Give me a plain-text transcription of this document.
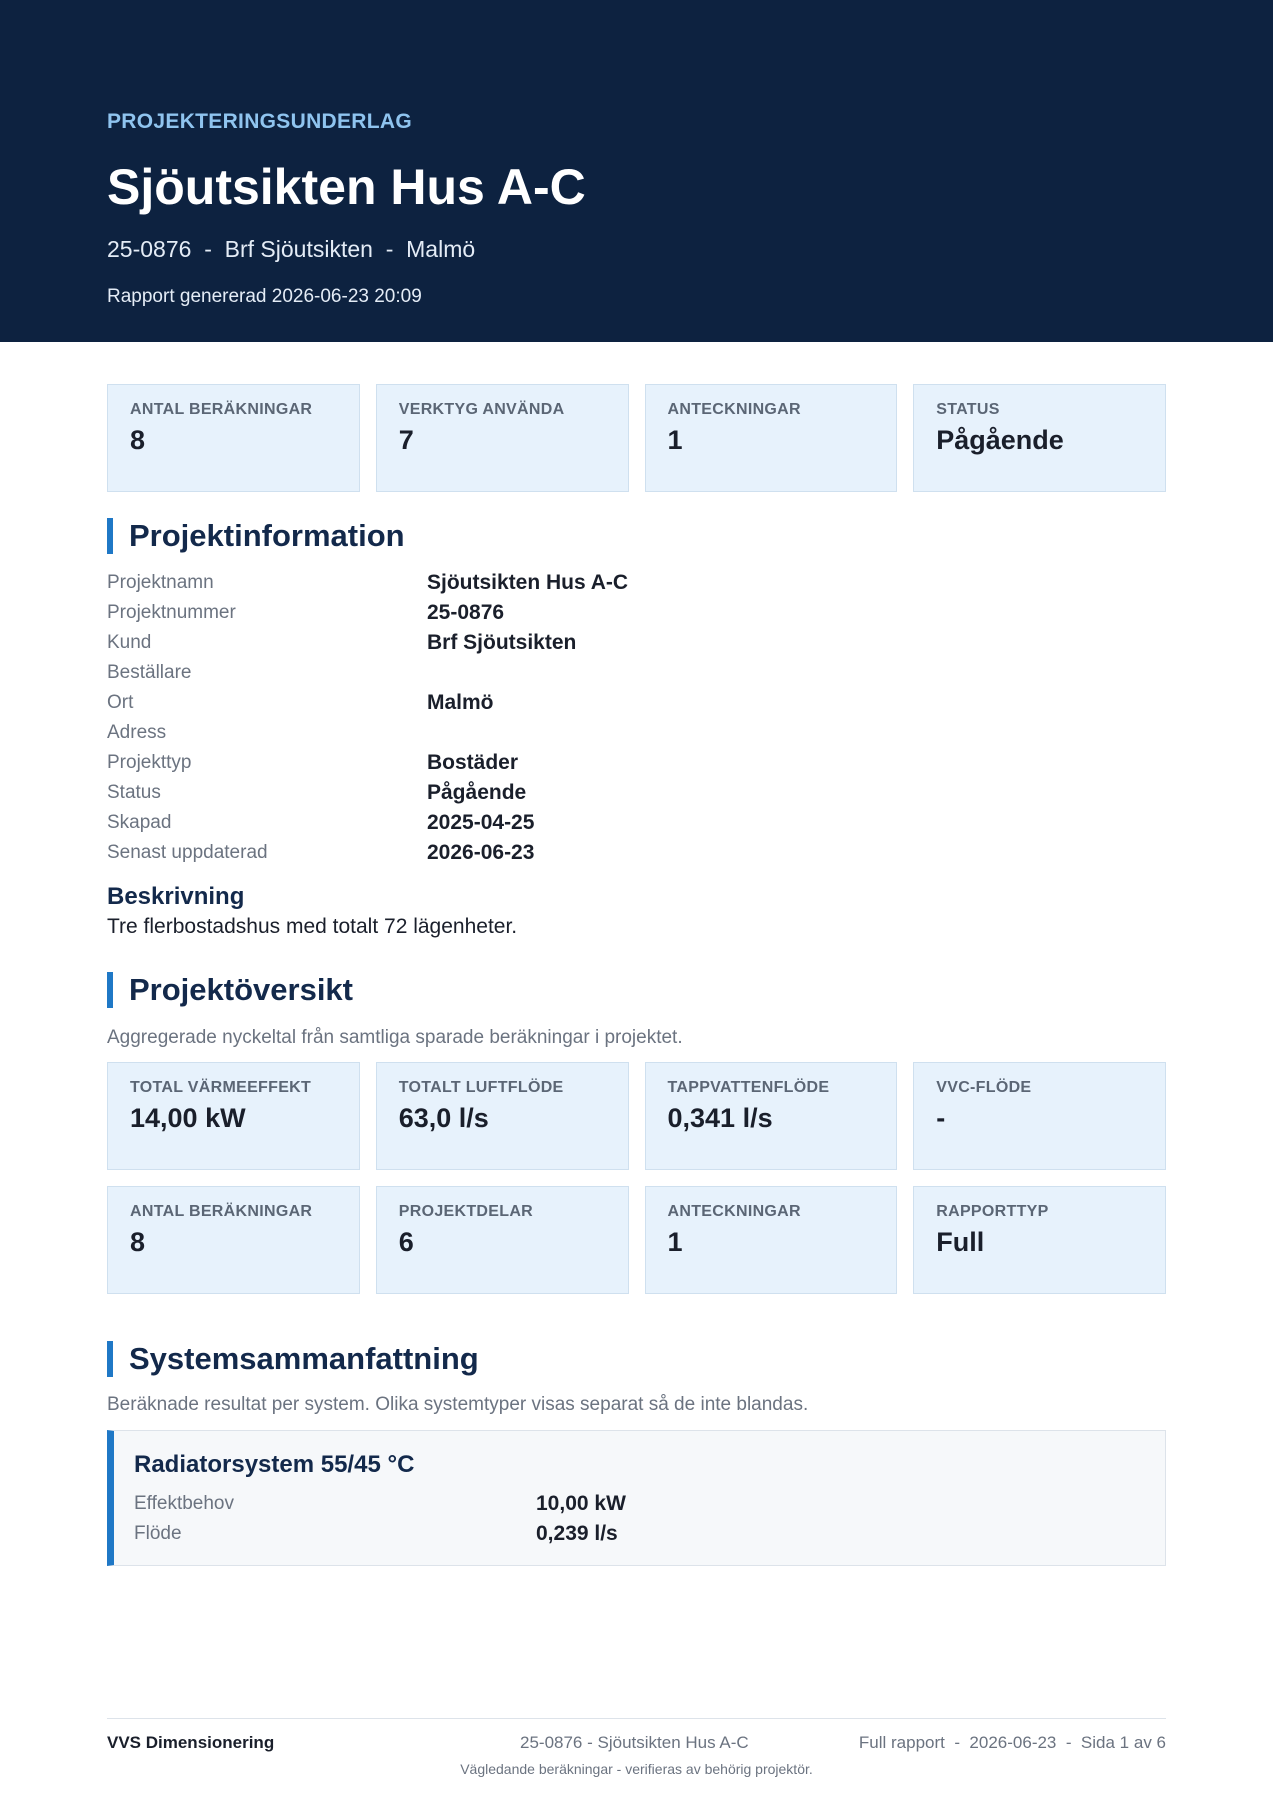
PROJEKTERINGSUNDERLAG
Sjöutsikten Hus A-C
25-0876  -  Brf Sjöutsikten  -  Malmö
Rapport genererad 2026-06-23 20:09
ANTAL BERÄKNINGAR
8
VERKTYG ANVÄNDA
7
ANTECKNINGAR
1
STATUS
Pågående
Projektinformation
Projektnamn	Sjöutsikten Hus A-C
Projektnummer	25-0876
Kund	Brf Sjöutsikten
Beställare
Ort	Malmö
Adress
Projekttyp	Bostäder
Status	Pågående
Skapad	2025-04-25
Senast uppdaterad	2026-06-23
Beskrivning
Tre flerbostadshus med totalt 72 lägenheter.
Projektöversikt
Aggregerade nyckeltal från samtliga sparade beräkningar i projektet.
TOTAL VÄRMEEFFEKT
14,00 kW
TOTALT LUFTFLÖDE
63,0 l/s
TAPPVATTENFLÖDE
0,341 l/s
VVC-FLÖDE
-
ANTAL BERÄKNINGAR
8
PROJEKTDELAR
6
ANTECKNINGAR
1
RAPPORTTYP
Full
Systemsammanfattning
Beräknade resultat per system. Olika systemtyper visas separat så de inte blandas.
Radiatorsystem 55/45 °C
Effektbehov	10,00 kW
Flöde	0,239 l/s
VVS Dimensionering	25-0876 - Sjöutsikten Hus A-C	Full rapport  -  2026-06-23  -  Sida 1 av 6
Vägledande beräkningar - verifieras av behörig projektör.
